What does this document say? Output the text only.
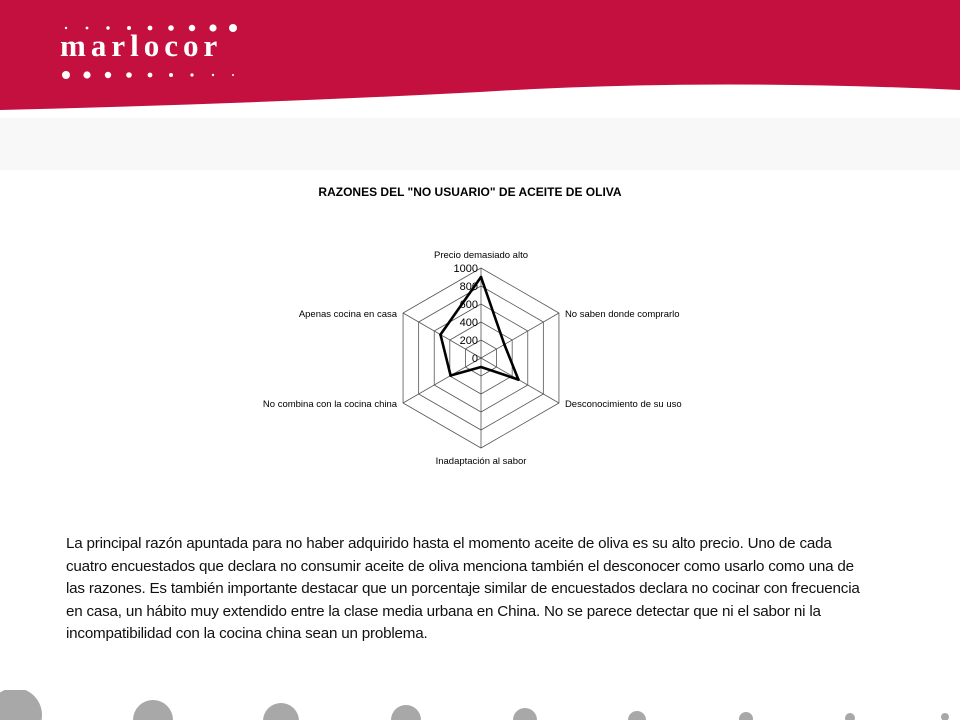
marlocor
RAZONES DEL "NO USUARIO" DE ACEITE DE OLIVA
0
200
400
600
800
1000
Precio demasiado alto
No saben donde comprarlo
Desconocimiento de su uso
Inadaptación al sabor
No combina con la cocina china
Apenas cocina en casa
La principal razón apuntada para no haber adquirido hasta el momento aceite de oliva es su alto precio. Uno de cada cuatro encuestados que declara no consumir aceite de oliva menciona también el desconocer como usarlo como una de las razones. Es también importante destacar que un porcentaje similar de encuestados declara no cocinar con frecuencia en casa, un hábito muy extendido entre la clase media urbana en China. No se parece detectar que ni el sabor ni la incompatibilidad con la cocina china sean un problema.
